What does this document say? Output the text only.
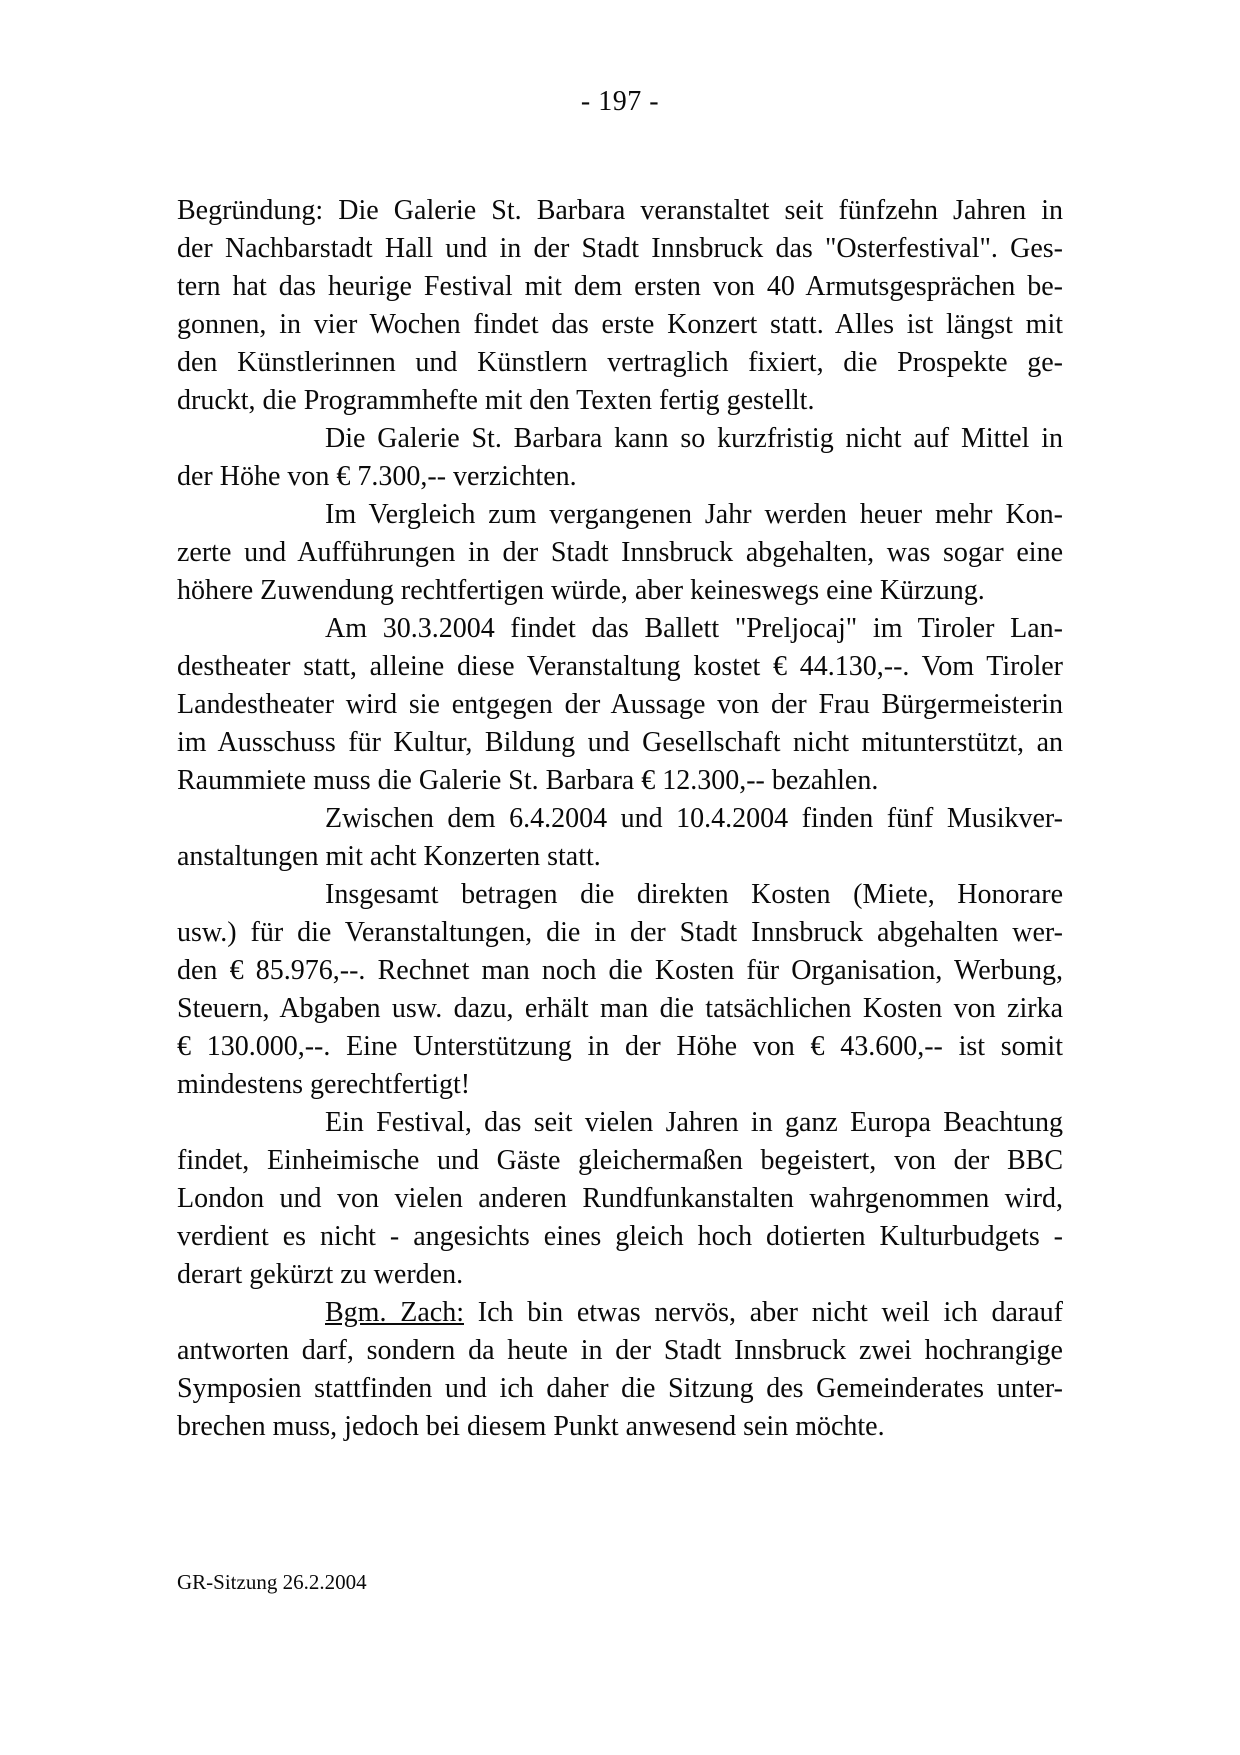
- 197 -
Begründung: Die Galerie St. Barbara veranstaltet seit fünfzehn Jahren in
der Nachbarstadt Hall und in der Stadt Innsbruck das "Osterfestival". Ges-
tern hat das heurige Festival mit dem ersten von 40 Armutsgesprächen be-
gonnen, in vier Wochen findet das erste Konzert statt. Alles ist längst mit
den Künstlerinnen und Künstlern vertraglich fixiert, die Prospekte ge-
druckt, die Programmhefte mit den Texten fertig gestellt.
Die Galerie St. Barbara kann so kurzfristig nicht auf Mittel in
der Höhe von € 7.300,-- verzichten.
Im Vergleich zum vergangenen Jahr werden heuer mehr Kon-
zerte und Aufführungen in der Stadt Innsbruck abgehalten, was sogar eine
höhere Zuwendung rechtfertigen würde, aber keineswegs eine Kürzung.
Am 30.3.2004 findet das Ballett "Preljocaj" im Tiroler Lan-
destheater statt, alleine diese Veranstaltung kostet € 44.130,--. Vom Tiroler
Landestheater wird sie entgegen der Aussage von der Frau Bürgermeisterin
im Ausschuss für Kultur, Bildung und Gesellschaft nicht mitunterstützt, an
Raummiete muss die Galerie St. Barbara € 12.300,-- bezahlen.
Zwischen dem 6.4.2004 und 10.4.2004 finden fünf Musikver-
anstaltungen mit acht Konzerten statt.
Insgesamt betragen die direkten Kosten (Miete, Honorare
usw.) für die Veranstaltungen, die in der Stadt Innsbruck abgehalten wer-
den € 85.976,--. Rechnet man noch die Kosten für Organisation, Werbung,
Steuern, Abgaben usw. dazu, erhält man die tatsächlichen Kosten von zirka
€ 130.000,--. Eine Unterstützung in der Höhe von € 43.600,-- ist somit
mindestens gerechtfertigt!
Ein Festival, das seit vielen Jahren in ganz Europa Beachtung
findet, Einheimische und Gäste gleichermaßen begeistert, von der BBC
London und von vielen anderen Rundfunkanstalten wahrgenommen wird,
verdient es nicht - angesichts eines gleich hoch dotierten Kulturbudgets -
derart gekürzt zu werden.
Bgm. Zach: Ich bin etwas nervös, aber nicht weil ich darauf
antworten darf, sondern da heute in der Stadt Innsbruck zwei hochrangige
Symposien stattfinden und ich daher die Sitzung des Gemeinderates unter-
brechen muss, jedoch bei diesem Punkt anwesend sein möchte.
GR-Sitzung 26.2.2004
